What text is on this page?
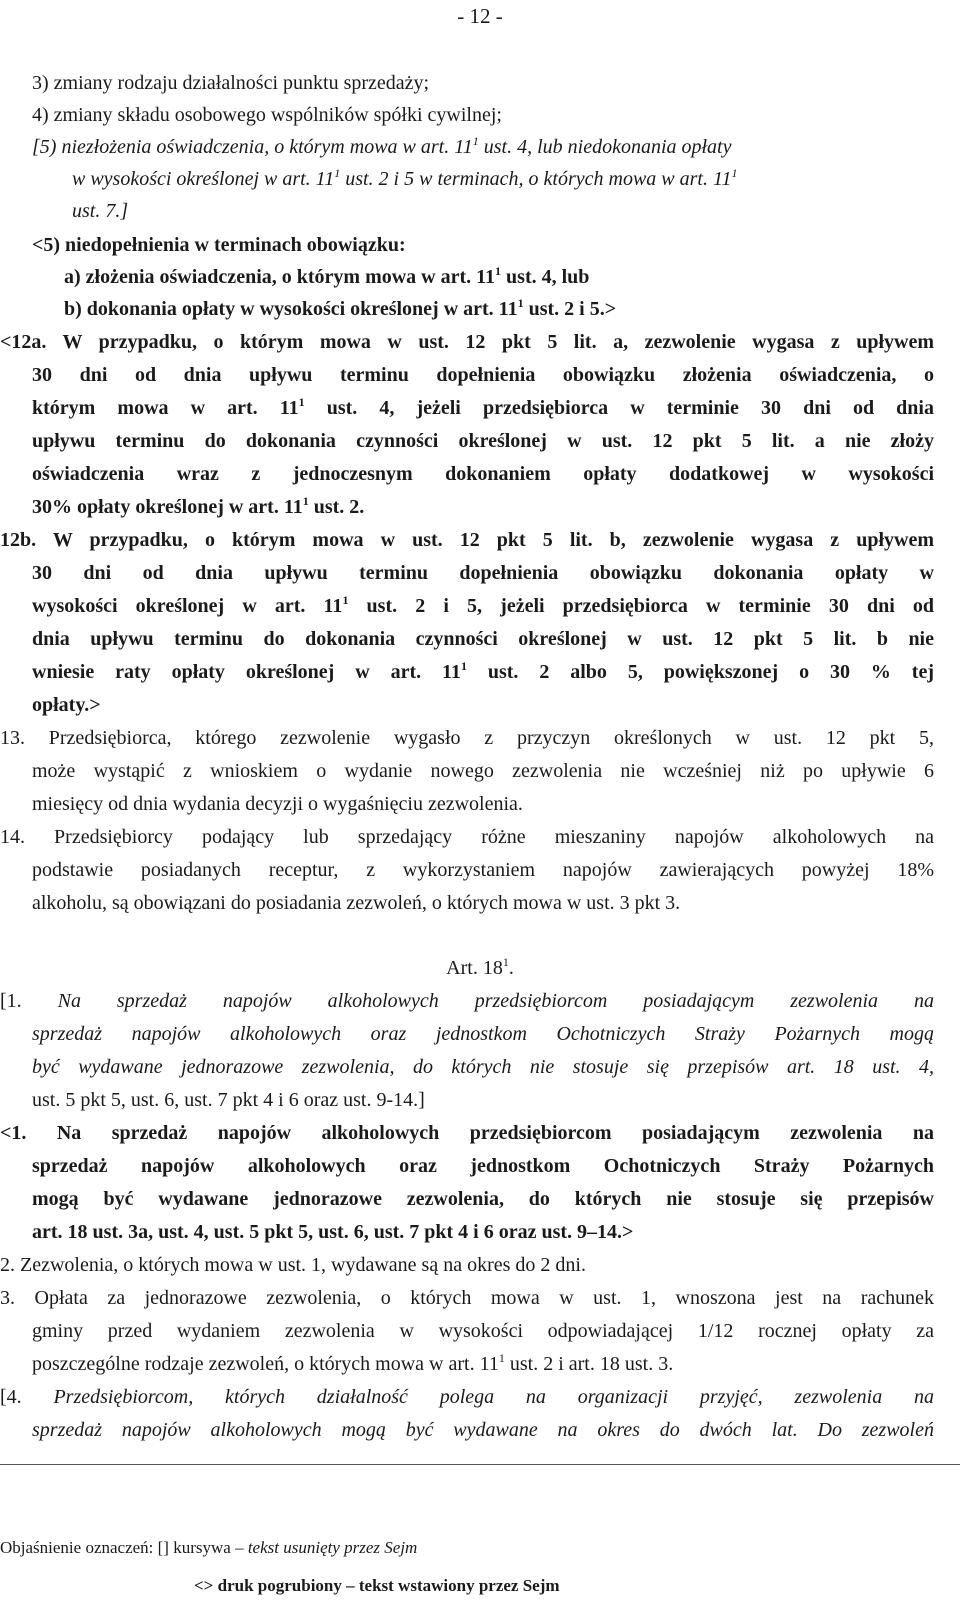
- 12 -
3) zmiany rodzaju działalności punktu sprzedaży;
4) zmiany składu osobowego wspólników spółki cywilnej;
[5) niezłożenia oświadczenia, o którym mowa w art. $11^1$ ust. 4, lub niedokonania opłaty
w wysokości określonej w art. $11^1$ ust. 2 i 5 w terminach, o których mowa w art. $11^1$
ust. 7.]
<5) niedopełnienia w terminach obowiązku:
a) złożenia oświadczenia, o którym mowa w art. $11^1$ ust. 4, lub
b) dokonania opłaty w wysokości określonej w art. $11^1$ ust. 2 i 5.>
<12a. W przypadku, o którym mowa w ust. 12 pkt 5 lit. a, zezwolenie wygasa z upływem
30 dni od dnia upływu terminu dopełnienia obowiązku złożenia oświadczenia, o
którym mowa w art. $11^1$ ust. 4, jeżeli przedsiębiorca w terminie 30 dni od dnia
upływu terminu do dokonania czynności określonej w ust. 12 pkt 5 lit. a nie złoży
oświadczenia wraz z jednoczesnym dokonaniem opłaty dodatkowej w wysokości
30% opłaty określonej w art. $11^1$ ust. 2.
12b. W przypadku, o którym mowa w ust. 12 pkt 5 lit. b, zezwolenie wygasa z upływem
30 dni od dnia upływu terminu dopełnienia obowiązku dokonania opłaty w
wysokości określonej w art. $11^1$ ust. 2 i 5, jeżeli przedsiębiorca w terminie 30 dni od
dnia upływu terminu do dokonania czynności określonej w ust. 12 pkt 5 lit. b nie
wniesie raty opłaty określonej w art. $11^1$ ust. 2 albo 5, powiększonej o 30 % tej
opłaty.>
13. Przedsiębiorca, którego zezwolenie wygasło z przyczyn określonych w ust. 12 pkt 5,
może wystąpić z wnioskiem o wydanie nowego zezwolenia nie wcześniej niż po upływie 6
miesięcy od dnia wydania decyzji o wygaśnięciu zezwolenia.
14. Przedsiębiorcy podający lub sprzedający różne mieszaniny napojów alkoholowych na
podstawie posiadanych receptur, z wykorzystaniem napojów zawierających powyżej 18%
alkoholu, są obowiązani do posiadania zezwoleń, o których mowa w ust. 3 pkt 3.
Art. $18^1$.
[1. Na sprzedaż napojów alkoholowych przedsiębiorcom posiadającym zezwolenia na
sprzedaż napojów alkoholowych oraz jednostkom Ochotniczych Straży Pożarnych mogą
być wydawane jednorazowe zezwolenia, do których nie stosuje się przepisów art. 18 ust. 4,
ust. 5 pkt 5, ust. 6, ust. 7 pkt 4 i 6 oraz ust. 9-14.]
<1. Na sprzedaż napojów alkoholowych przedsiębiorcom posiadającym zezwolenia na
sprzedaż napojów alkoholowych oraz jednostkom Ochotniczych Straży Pożarnych
mogą być wydawane jednorazowe zezwolenia, do których nie stosuje się przepisów
art. 18 ust. 3a, ust. 4, ust. 5 pkt 5, ust. 6, ust. 7 pkt 4 i 6 oraz ust. 9–14.>
2. Zezwolenia, o których mowa w ust. 1, wydawane są na okres do 2 dni.
3. Opłata za jednorazowe zezwolenia, o których mowa w ust. 1, wnoszona jest na rachunek
gminy przed wydaniem zezwolenia w wysokości odpowiadającej 1/12 rocznej opłaty za
poszczególne rodzaje zezwoleń, o których mowa w art. $11^1$ ust. 2 i art. 18 ust. 3.
[4. Przedsiębiorcom, których działalność polega na organizacji przyjęć, zezwolenia na
sprzedaż napojów alkoholowych mogą być wydawane na okres do dwóch lat. Do zezwoleń
Objaśnienie oznaczeń: [] kursywa – tekst usunięty przez Sejm
<> druk pogrubiony – tekst wstawiony przez Sejm
